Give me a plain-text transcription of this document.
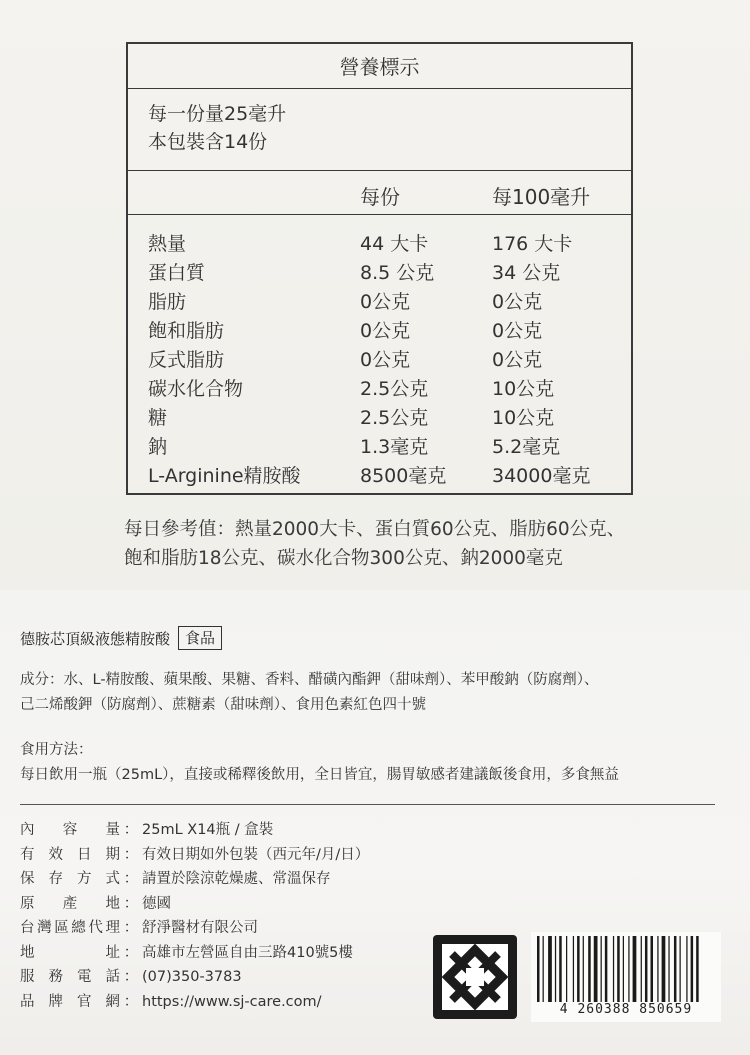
營養標示
每一份量25毫升
本包裝含14份
每份	每100毫升
熱量	44 大卡	176 大卡
蛋白質	8.5 公克	34 公克
脂肪	0公克	0公克
飽和脂肪	0公克	0公克
反式脂肪	0公克	0公克
碳水化合物	2.5公克	10公克
糖	2.5公克	10公克
鈉	1.3毫克	5.2毫克
L-Arginine精胺酸	8500毫克 34000毫克
每日參考值：熱量2000大卡、蛋白質60公克、脂肪60公克、
飽和脂肪18公克、碳水化合物300公克、鈉2000毫克
德胺芯頂級液態精胺酸	食品
成分：水、L-精胺酸、蘋果酸、果糖、香料、醋磺內酯鉀（甜味劑）、苯甲酸鈉（防腐劑）、
己二烯酸鉀（防腐劑）、蔗糖素（甜味劑）、食用色素紅色四十號
食用方法：
每日飲用一瓶（25mL），直接或稀釋後飲用，全日皆宜，腸胃敏感者建議飯後食用，多食無益
內容量 ： 25mL X14瓶 / 盒裝
有效日期 ： 有效日期如外包裝（西元年/月/日）
保存方式 ： 請置於陰涼乾燥處、常溫保存
原產地 ： 德國
台灣區總代理 ： 舒淨醫材有限公司
地址 ： 高雄市左營區自由三路410號5樓
服務電話 ： (07)350-3783
品牌官網 ： https://www.sj-care.com/	4 260388 850659
